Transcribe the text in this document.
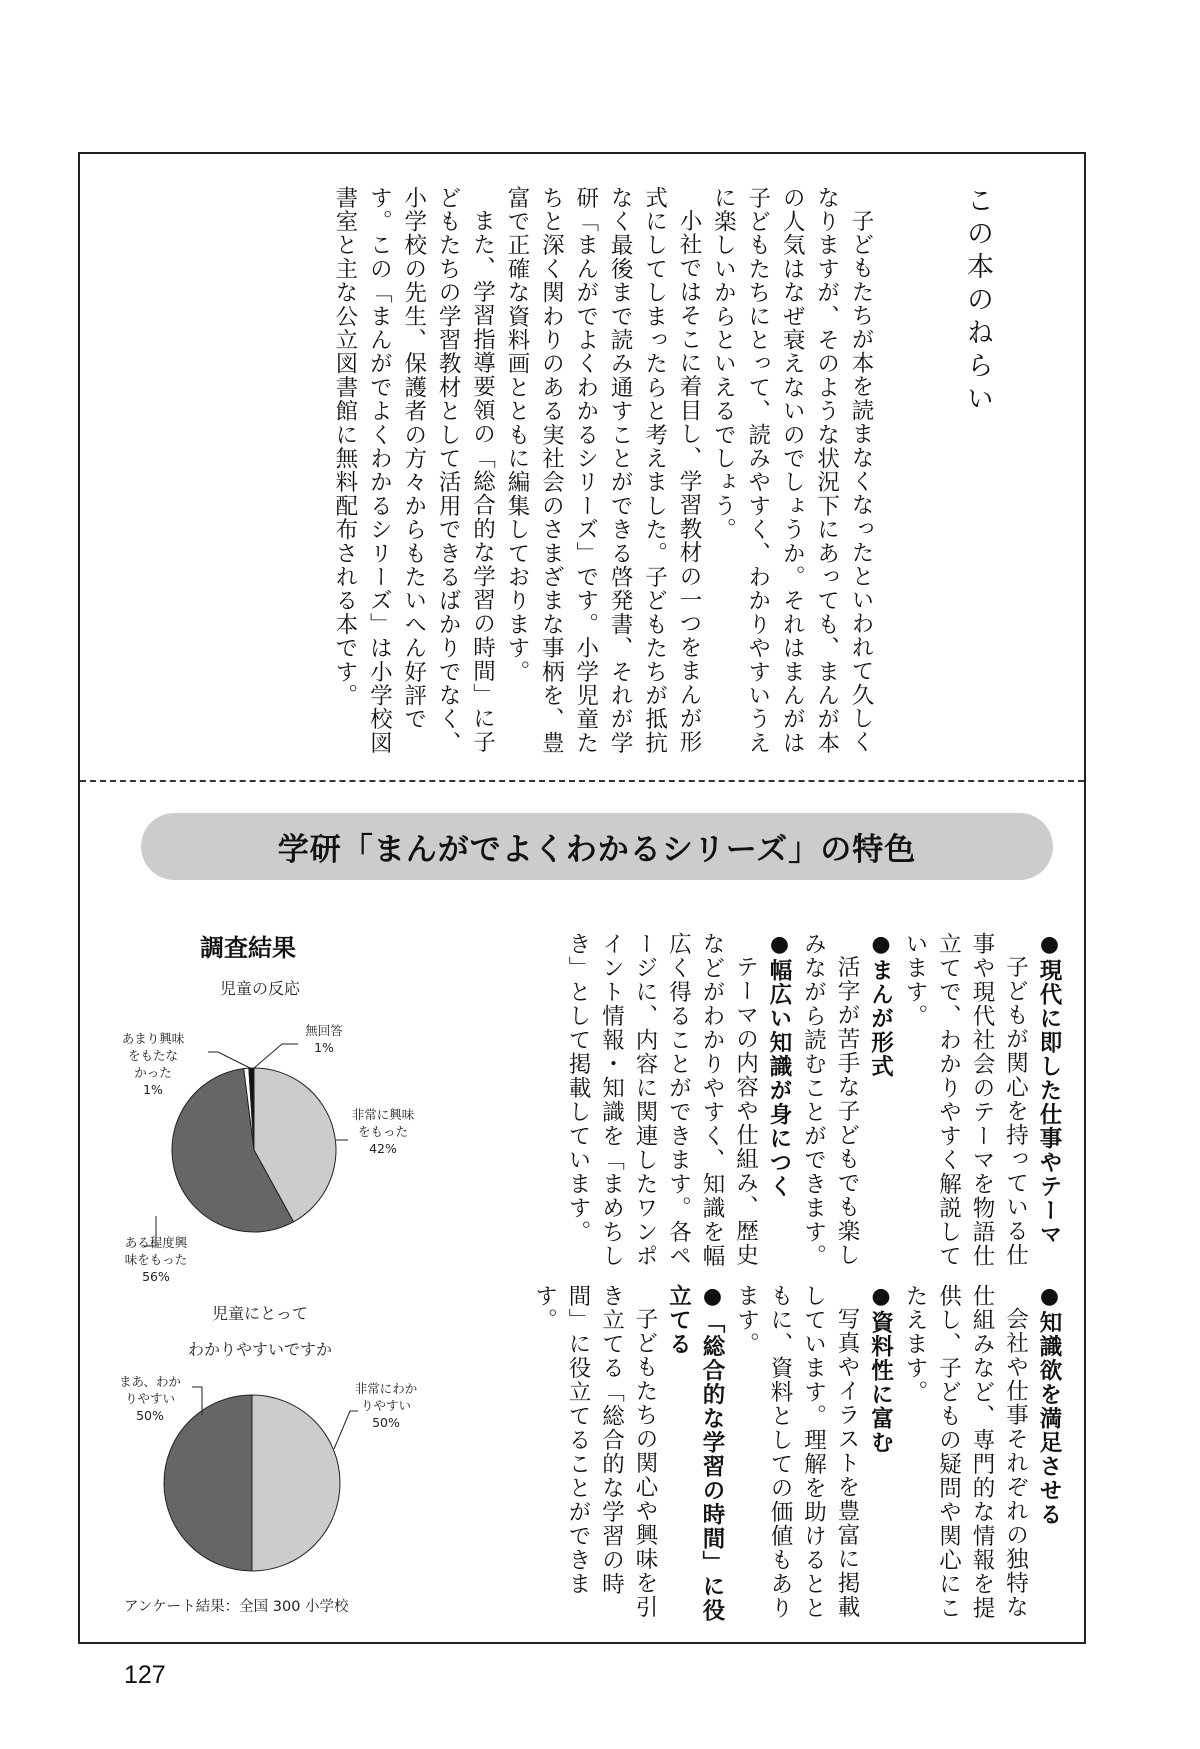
この本のねらい

子どもたちが本を読まなくなったといわれて久しくなりますが、そのような状況下にあっても、まんが本の人気はなぜ衰えないのでしょうか。それはまんがは子どもたちにとって、読みやすく、わかりやすいうえに楽しいからといえるでしょう。

小社ではそこに着目し、学習教材の一つをまんが形式にしてしまったらと考えました。子どもたちが抵抗なく最後まで読み通すことができる啓発書、それが学研「まんがでよくわかるシリーズ」です。小学児童たちと深く関わりのある実社会のさまざまな事柄を、豊富で正確な資料画とともに編集しております。

また、学習指導要領の「総合的な学習の時間」に子どもたちの学習教材として活用できるばかりでなく、小学校の先生、保護者の方々からもたいへん好評です。この「まんがでよくわかるシリーズ」は小学校図書室と主な公立図書館に無料配布される本です。

学研「まんがでよくわかるシリーズ」の特色
●現代に即した仕事やテーマ
子どもが関心を持っている仕事や現代社会のテーマを物語仕立てで、わかりやすく解説しています。
●まんが形式
活字が苦手な子どもでも楽しみながら読むことができます。
●幅広い知識が身につく
テーマの内容や仕組み、歴史などがわかりやすく、知識を幅広く得ることができます。各ページに、内容に関連したワンポイント情報・知識を「まめちしき」として掲載しています。
●知識欲を満足させる
会社や仕事それぞれの独特な仕組みなど、専門的な情報を提供し、子どもの疑問や関心にこたえます。
●資料性に富む
写真やイラストを豊富に掲載しています。理解を助けるとともに、資料としての価値もあります。
●「総合的な学習の時間」に役立てる
子どもたちの関心や興味を引き立てる「総合的な学習の時間」に役立てることができます。
調査結果
児童の反応
無回答
1%
あまり興味
をもたな
かった
1%
非常に興味
をもった
42%
ある程度興
味をもった
56%
児童にとって
わかりやすいですか
まあ、わか
りやすい
50%
非常にわか
りやすい
50%
アンケート結果：全国 300 小学校
127
